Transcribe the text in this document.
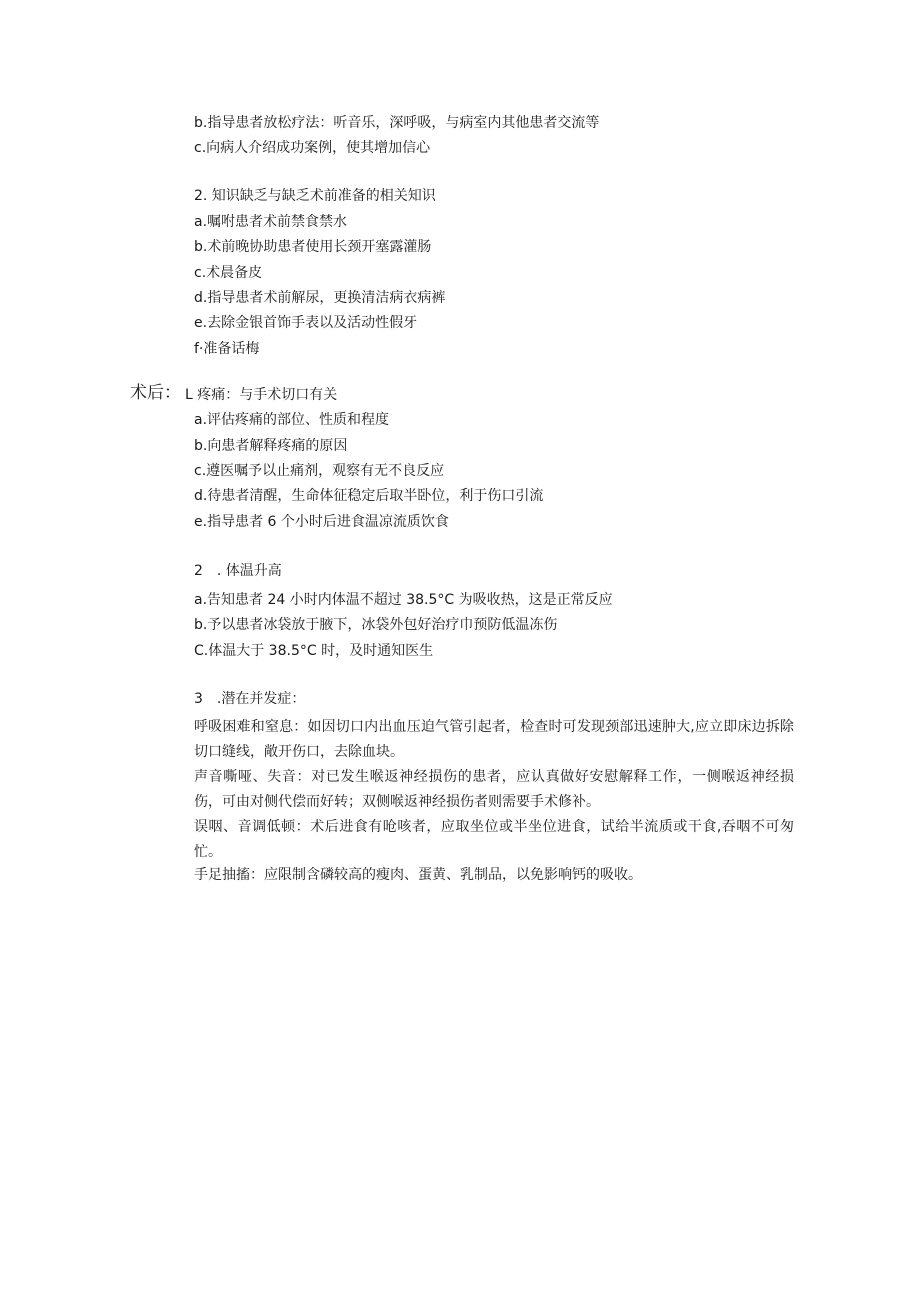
b.指导患者放松疗法：听音乐，深呼吸，与病室内其他患者交流等

c.向病人介绍成功案例，使其增加信心

2. 知识缺乏与缺乏术前准备的相关知识

a.嘱咐患者术前禁食禁水

b.术前晚协助患者使用长颈开塞露灌肠

c.术晨备皮

d.指导患者术前解尿，更换清洁病衣病裤

e.去除金银首饰手表以及活动性假牙

f·准备话梅

术后： L 疼痛：与手术切口有关

a.评估疼痛的部位、性质和程度

b.向患者解释疼痛的原因

c.遵医嘱予以止痛剂，观察有无不良反应

d.待患者清醒，生命体征稳定后取半卧位，利于伤口引流

e.指导患者 6 个小时后进食温凉流质饮食

2　. 体温升高

a.告知患者 24 小时内体温不超过 38.5°C 为吸收热，这是正常反应

b.予以患者冰袋放于腋下，冰袋外包好治疗巾预防低温冻伤

C.体温大于 38.5°C 时，及时通知医生

3　.潜在并发症：

呼吸困难和窒息：如因切口内出血压迫气管引起者，检查时可发现颈部迅速肿大,应立即床边拆除切口缝线，敞开伤口，去除血块。

声音嘶哑、失音：对已发生喉返神经损伤的患者，应认真做好安慰解释工作，一侧喉返神经损伤，可由对侧代偿而好转；双侧喉返神经损伤者则需要手术修补。

误咽、音调低顿：术后进食有呛咳者，应取坐位或半坐位进食，试给半流质或干食,吞咽不可匆忙。

手足抽搐：应限制含磷较高的瘦肉、蛋黄、乳制品，以免影响钙的吸收。
